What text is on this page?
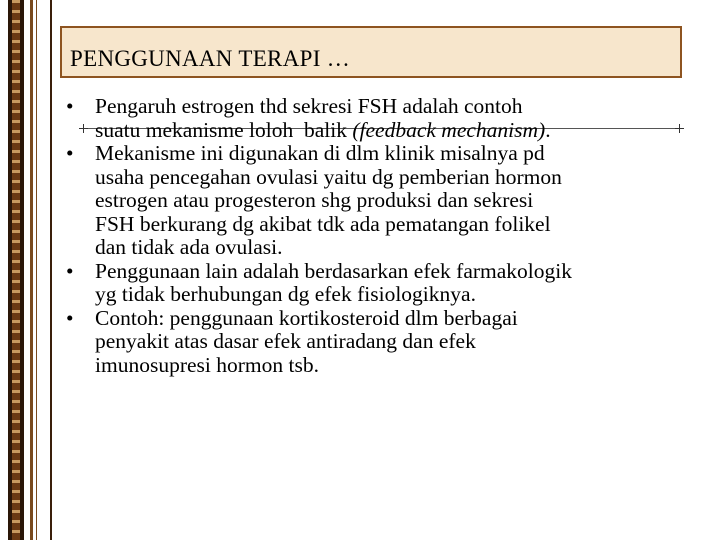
PENGGUNAAN TERAPI …
• Pengaruh estrogen thd sekresi FSH adalah contoh
suatu mekanisme loloh  balik (feedback mechanism).
• Mekanisme ini digunakan di dlm klinik misalnya pd
usaha pencegahan ovulasi yaitu dg pemberian hormon
estrogen atau progesteron shg produksi dan sekresi
FSH berkurang dg akibat tdk ada pematangan folikel
dan tidak ada ovulasi.
• Penggunaan lain adalah berdasarkan efek farmakologik
yg tidak berhubungan dg efek fisiologiknya.
• Contoh: penggunaan kortikosteroid dlm berbagai
penyakit atas dasar efek antiradang dan efek
imunosupresi hormon tsb.
